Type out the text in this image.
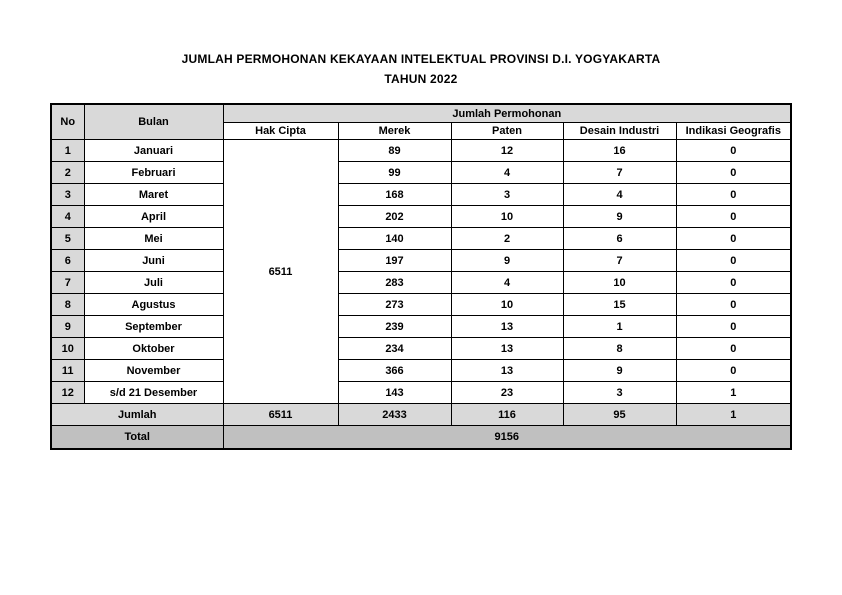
JUMLAH PERMOHONAN KEKAYAAN INTELEKTUAL PROVINSI D.I. YOGYAKARTA
TAHUN 2022
No	Bulan	Jumlah Permohonan				
		Hak Cipta	Merek	Paten	Desain Industri	Indikasi Geografis
1	Januari	6511	89	12	16	0
2	Februari		99	4	7	0
3	Maret		168	3	4	0
4	April		202	10	9	0
5	Mei		140	2	6	0
6	Juni		197	9	7	0
7	Juli		283	4	10	0
8	Agustus		273	10	15	0
9	September		239	13	1	0
10	Oktober		234	13	8	0
11	November		366	13	9	0
12	s/d 21 Desember		143	23	3	1
Jumlah		6511	2433	116	95	1
Total		9156				
